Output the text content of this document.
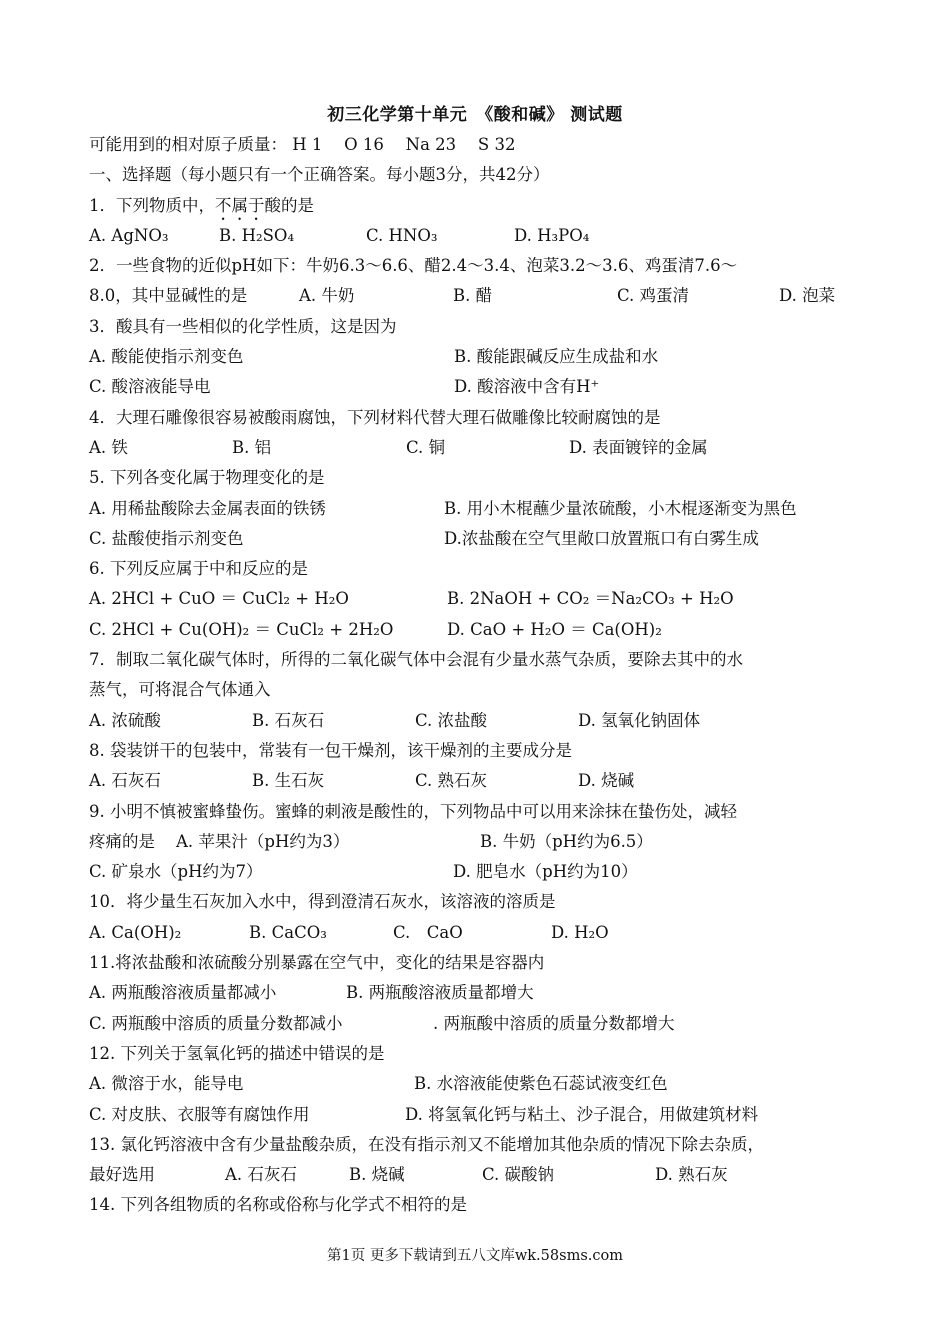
初三化学第十单元　《酸和碱》 测试题
可能用到的相对原子质量： H 1　 O 16　 Na 23　 S 32
一、选择题（每小题只有一个正确答案。每小题3分，共42分）
1．下列物质中，不属于酸的是
A. AgNO₃	B. H₂SO₄	C. HNO₃	D. H₃PO₄
2．一些食物的近似pH如下：牛奶6.3～6.6、醋2.4～3.4、泡菜3.2～3.6、鸡蛋清7.6～
8.0，其中显碱性的是	A. 牛奶	B. 醋	C. 鸡蛋清	D. 泡菜
3．酸具有一些相似的化学性质，这是因为
A. 酸能使指示剂变色	B. 酸能跟碱反应生成盐和水
C. 酸溶液能导电	D. 酸溶液中含有H⁺
4．大理石雕像很容易被酸雨腐蚀，下列材料代替大理石做雕像比较耐腐蚀的是
A. 铁	B. 铝	C. 铜	D. 表面镀锌的金属
5. 下列各变化属于物理变化的是
A. 用稀盐酸除去金属表面的铁锈	B. 用小木棍蘸少量浓硫酸，小木棍逐渐变为黑色
C. 盐酸使指示剂变色	D.浓盐酸在空气里敞口放置瓶口有白雾生成
6. 下列反应属于中和反应的是
A. 2HCl + CuO ＝ CuCl₂ + H₂O	B. 2NaOH + CO₂ ＝Na₂CO₃ + H₂O
C. 2HCl + Cu(OH)₂ ＝ CuCl₂ + 2H₂O	D. CaO + H₂O ＝ Ca(OH)₂
7．制取二氧化碳气体时，所得的二氧化碳气体中会混有少量水蒸气杂质，要除去其中的水
蒸气，可将混合气体通入
A. 浓硫酸	B. 石灰石	C. 浓盐酸	D. 氢氧化钠固体
8. 袋装饼干的包装中，常装有一包干燥剂，该干燥剂的主要成分是
A. 石灰石	B. 生石灰	C. 熟石灰	D. 烧碱
9. 小明不慎被蜜蜂蛰伤。蜜蜂的刺液是酸性的，下列物品中可以用来涂抹在蛰伤处，减轻
疼痛的是	A. 苹果汁（pH约为3）	B. 牛奶（pH约为6.5）
C. 矿泉水（pH约为7）	D. 肥皂水（pH约为10）
10．将少量生石灰加入水中，得到澄清石灰水，该溶液的溶质是
A. Ca(OH)₂	B. CaCO₃	C.　CaO	D. H₂O
11.将浓盐酸和浓硫酸分别暴露在空气中，变化的结果是容器内
A. 两瓶酸溶液质量都减小	B. 两瓶酸溶液质量都增大
C. 两瓶酸中溶质的质量分数都减小	. 两瓶酸中溶质的质量分数都增大
12. 下列关于氢氧化钙的描述中错误的是
A. 微溶于水，能导电	B. 水溶液能使紫色石蕊试液变红色
C. 对皮肤、衣服等有腐蚀作用	D. 将氢氧化钙与粘土、沙子混合，用做建筑材料
13. 氯化钙溶液中含有少量盐酸杂质，在没有指示剂又不能增加其他杂质的情况下除去杂质，
最好选用	A. 石灰石	B. 烧碱	C. 碳酸钠	D. 熟石灰
14. 下列各组物质的名称或俗称与化学式不相符的是
第1页 更多下载请到五八文库wk.58sms.com
